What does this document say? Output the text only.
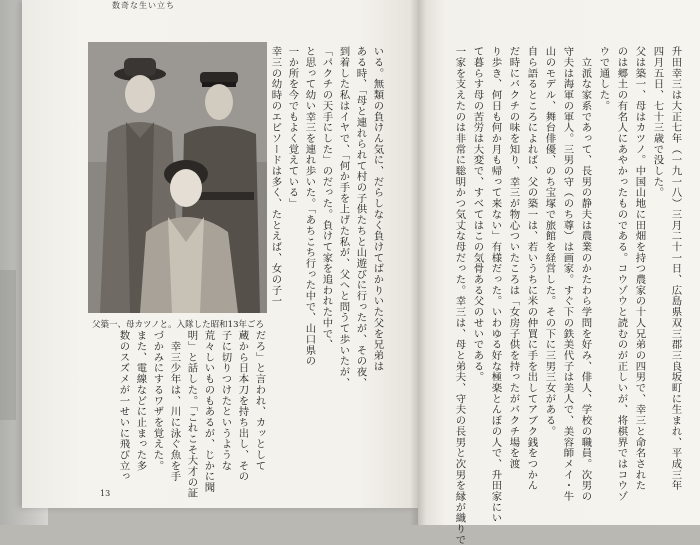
数奇な生い立ち
父築一、母カツノと。入隊した昭和13年ごろ	いる。無類の負けん気に、だらしなく負けてばかりいた父を兄弟は
ある時、「母と連れられて村の子供たちと山遊びに行ったが、その夜、
到着した私はイヤで、「何か手を上げた私が、父へと問うて歩いたが、
「パクチの天手にした」のだった。負けて家を追われた中で、
と思って幼い幸三を連れ歩いた。「あちこち行った中で、山口県の
一か所を今でもよく覚えている」
幸三の幼時のエピソードは多く、たとえば、女の子一
だろ」と言われ、カッとして
蔵から日本刀を持ち出し、その
子に切りつけたというような
荒々しいものもあるが、じかに聞
明」と話した。「これこそ大才の証
　幸三少年は、川に泳ぐ魚を手
づかみにするワザを覚えた。
また、電線などに止まった多
数のスズメが一せいに飛び立っ
13
升田幸三は大正七年（一九一八）三月二十一日、広島県双三郡三良坂町に生まれ、平成三年
四月五日、七十三歳で没した。
父は築一、母はカツノ。中国山地に田畑を持つ農家の十人兄弟の四男で、幸三と命名された
のは郷土の有名人にあやかったものである。コウゾウと読むのが正しいが、将棋界ではコウゾ
ウで通した。
　立派な家系であって、長男の静夫は農業のかたわら学問を好み、俳人、学校の職員。次男の
守夫は海軍の軍人。三男の守（のち尊）は画家。すぐ下の鉄美代子は美人で、美容師メイ・牛
山のモデル、舞台俳優、のち宝塚で旅館を経営した。その下に三男三女がある。
自ら語るところによれば、父の築一は、若いうちに米の仲買に手を出してアブク銭をつかん
だ時にバクチの味を知り、幸三が物心ついたころは「女房子供を持ったがバクチ場を渡
り歩き、何日も何か月も帰って来ない」有様だった。いわゆる好な極楽とんぼの人で、升田家にい
て暮らす母の苦労は大変で、すべてはこの気骨ある父のせいである。
一家を支えたのは非常に聡明かつ気丈な母だった。幸三は、母と弟夫、守夫の長男と次男を縁が織りで
